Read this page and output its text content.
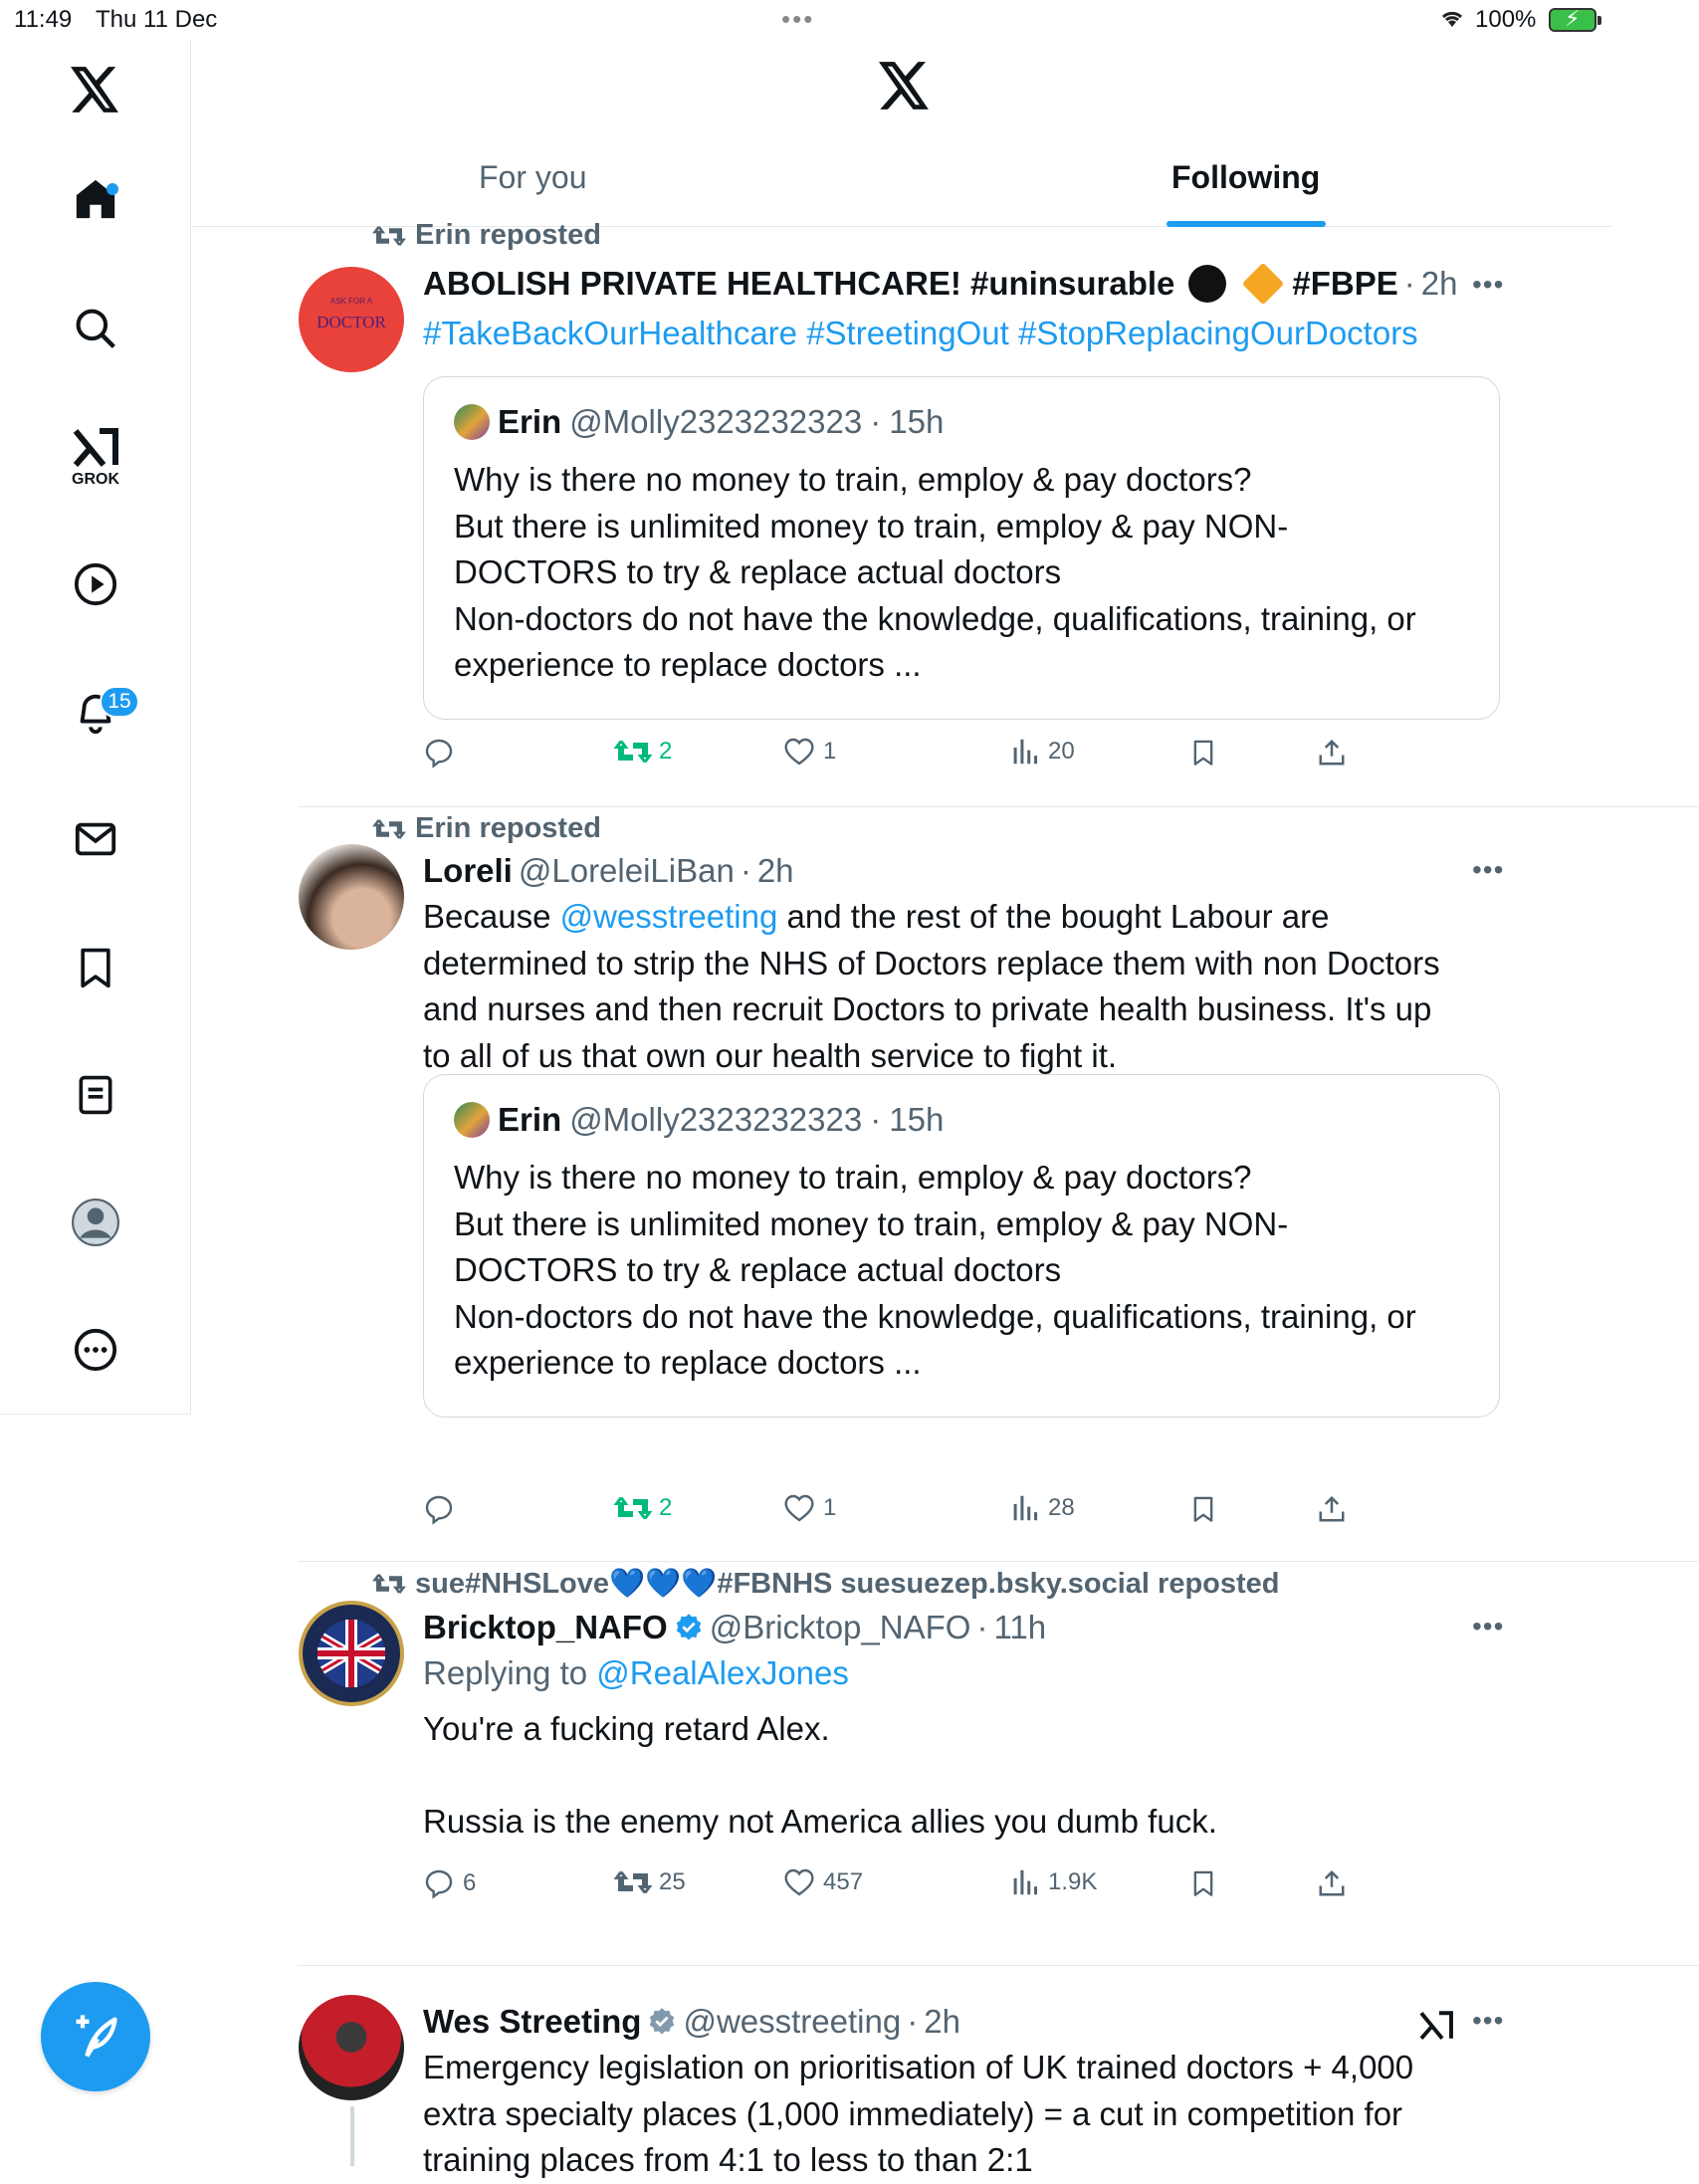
11:49 Thu 11 Dec	•••	100% ⚡
GROK
15
For you	Following
Erin reposted
ASK FOR A
DOCTOR
ABOLISH PRIVATE HEALTHCARE! #uninsurable	#FBPE · 2h •••
#TakeBackOurHealthcare #StreetingOut #StopReplacingOurDoctors
Erin @Molly2323232323 · 15h
Why is there no money to train, employ & pay doctors?
But there is unlimited money to train, employ & pay NON-
DOCTORS to try & replace actual doctors
Non-doctors do not have the knowledge, qualifications, training, or
experience to replace doctors ...
2	1	20
Erin reposted
Loreli @LoreleiLiBan · 2h	•••
Because @wesstreeting and the rest of the bought Labour are
determined to strip the NHS of Doctors replace them with non Doctors
and nurses and then recruit Doctors to private health business. It's up
to all of us that own our health service to fight it.
Erin @Molly2323232323 · 15h
Why is there no money to train, employ & pay doctors?
But there is unlimited money to train, employ & pay NON-
DOCTORS to try & replace actual doctors
Non-doctors do not have the knowledge, qualifications, training, or
experience to replace doctors ...
2	1	28
sue#NHSLove💙💙💙#FBNHS suesuezep.bsky.social reposted
Bricktop_NAFO @Bricktop_NAFO · 11h	•••
Replying to @RealAlexJones
You're a fucking retard Alex.

Russia is the enemy not America allies you dumb fuck.
6	25	457	1.9K
Wes Streeting @wesstreeting · 2h	•••
Emergency legislation on prioritisation of UK trained doctors + 4,000
extra specialty places (1,000 immediately) = a cut in competition for
training places from 4:1 to less to than 2:1
